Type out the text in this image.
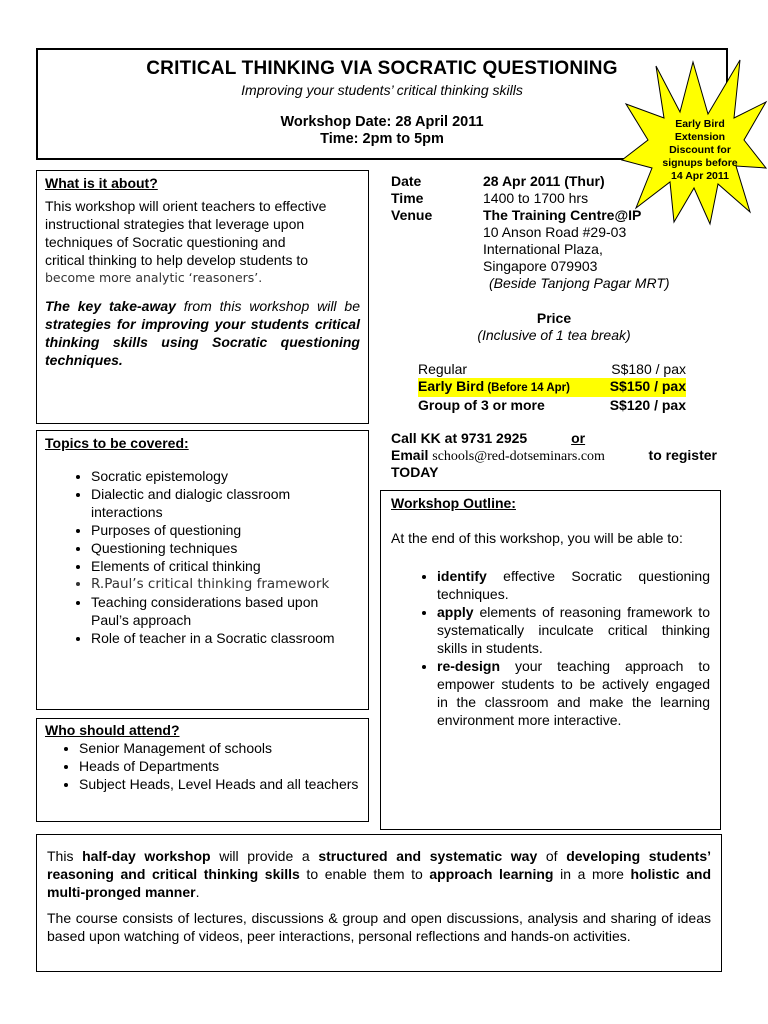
CRITICAL THINKING VIA SOCRATIC QUESTIONING
Improving your students’ critical thinking skills
Workshop Date: 28 April 2011
Time: 2pm to 5pm
Early Bird
Extension
Discount for
signups before
14 Apr 2011
What is it about?
This workshop will orient teachers to effective
instructional strategies that leverage upon
techniques of Socratic questioning and
critical thinking to help develop students to
become more analytic ‘reasoners’.
The key take-away from this workshop will be strategies for improving your students critical thinking skills using Socratic questioning techniques.
Topics to be covered:
• Socratic epistemology
• Dialectic and dialogic classroom interactions
• Purposes of questioning
• Questioning techniques
• Elements of critical thinking
• R.Paul’s critical thinking framework
• Teaching considerations based upon Paul’s approach
• Role of teacher in a Socratic classroom
Who should attend?
• Senior Management of schools
• Heads of Departments
• Subject Heads, Level Heads and all teachers
Date	28 Apr 2011 (Thur)
Time	1400 to 1700 hrs
Venue	The Training Centre@IP
10 Anson Road #29-03
International Plaza,
Singapore 079903
(Beside Tanjong Pagar MRT)
Price
(Inclusive of 1 tea break)
Regular	S$180 / pax
Early Bird (Before 14 Apr)	S$150 / pax
Group of 3 or more	S$120 / pax
Call KK at 9731 2925	or
Email schools@red-dotseminars.com	to register
TODAY
Workshop Outline:
At the end of this workshop, you will be able to:
• identify effective Socratic questioning techniques.
• apply elements of reasoning framework to systematically inculcate critical thinking skills in students.
• re-design your teaching approach to empower students to be actively engaged in the classroom and make the learning environment more interactive.
This half-day workshop will provide a structured and systematic way of developing students’ reasoning and critical thinking skills to enable them to approach learning in a more holistic and multi-pronged manner.
The course consists of lectures, discussions & group and open discussions, analysis and sharing of ideas based upon watching of videos, peer interactions, personal reflections and hands-on activities.
